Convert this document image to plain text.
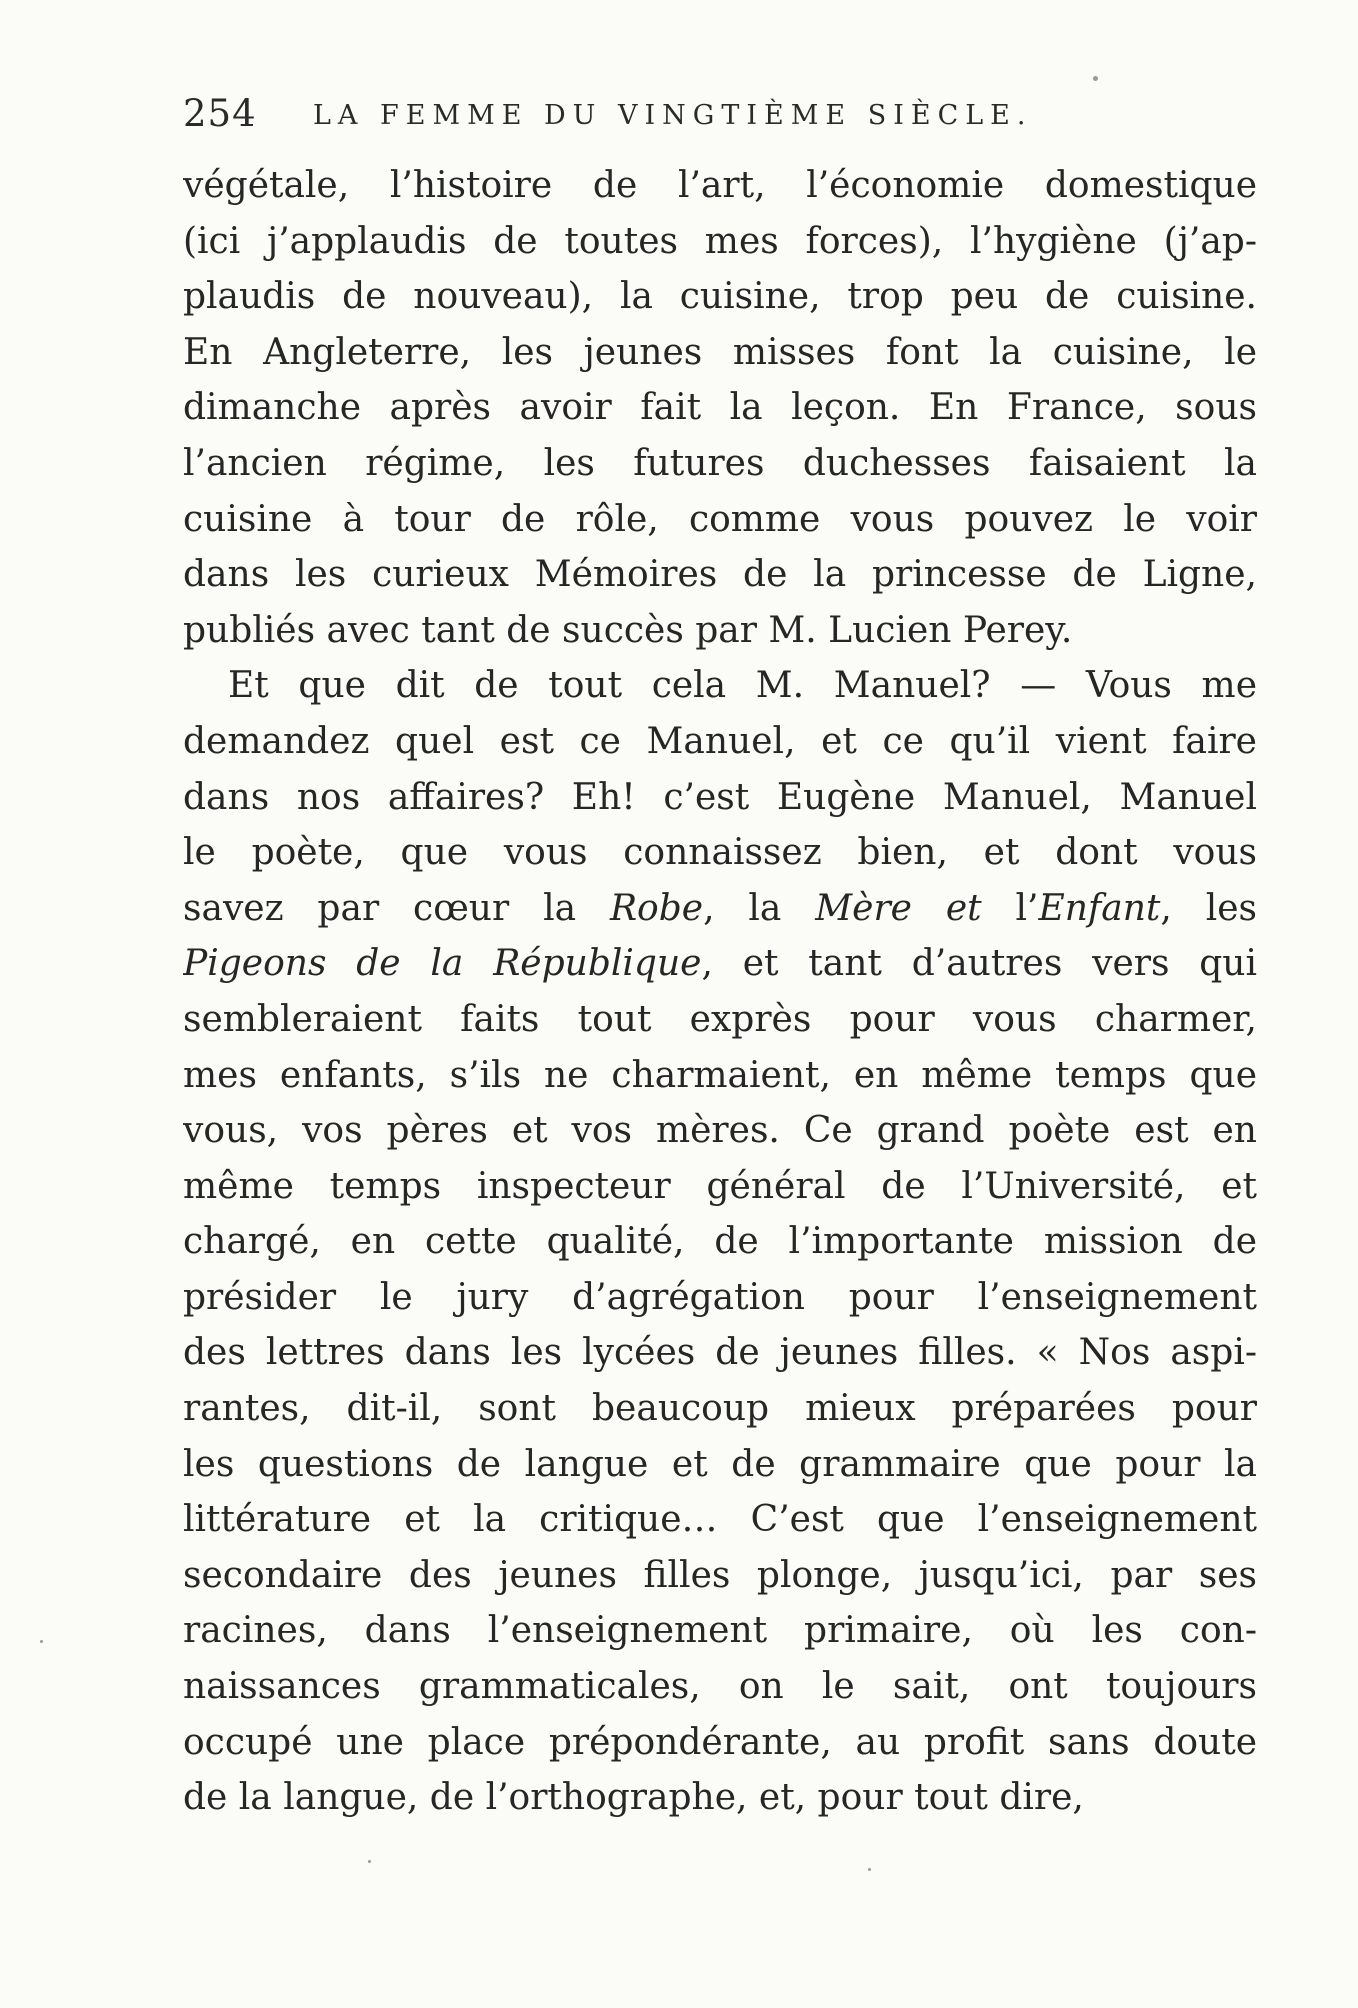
254 LA FEMME DU VINGTIÈME SIÈCLE.
végétale, l’histoire de l’art, l’économie domestique
(ici j’applaudis de toutes mes forces), l’hygiène (j’ap-
plaudis de nouveau), la cuisine, trop peu de cuisine.
En Angleterre, les jeunes misses font la cuisine, le
dimanche après avoir fait la leçon. En France, sous
l’ancien régime, les futures duchesses faisaient la
cuisine à tour de rôle, comme vous pouvez le voir
dans les curieux Mémoires de la princesse de Ligne,
publiés avec tant de succès par M. Lucien Perey.
Et que dit de tout cela M. Manuel? — Vous me
demandez quel est ce Manuel, et ce qu’il vient faire
dans nos affaires? Eh! c’est Eugène Manuel, Manuel
le poète, que vous connaissez bien, et dont vous
savez par cœur la Robe, la Mère et l’Enfant, les
Pigeons de la République, et tant d’autres vers qui
sembleraient faits tout exprès pour vous charmer,
mes enfants, s’ils ne charmaient, en même temps que
vous, vos pères et vos mères. Ce grand poète est en
même temps inspecteur général de l’Université, et
chargé, en cette qualité, de l’importante mission de
présider le jury d’agrégation pour l’enseignement
des lettres dans les lycées de jeunes filles. « Nos aspi-
rantes, dit-il, sont beaucoup mieux préparées pour
les questions de langue et de grammaire que pour la
littérature et la critique… C’est que l’enseignement
secondaire des jeunes filles plonge, jusqu’ici, par ses
racines, dans l’enseignement primaire, où les con-
naissances grammaticales, on le sait, ont toujours
occupé une place prépondérante, au profit sans doute
de la langue, de l’orthographe, et, pour tout dire,
